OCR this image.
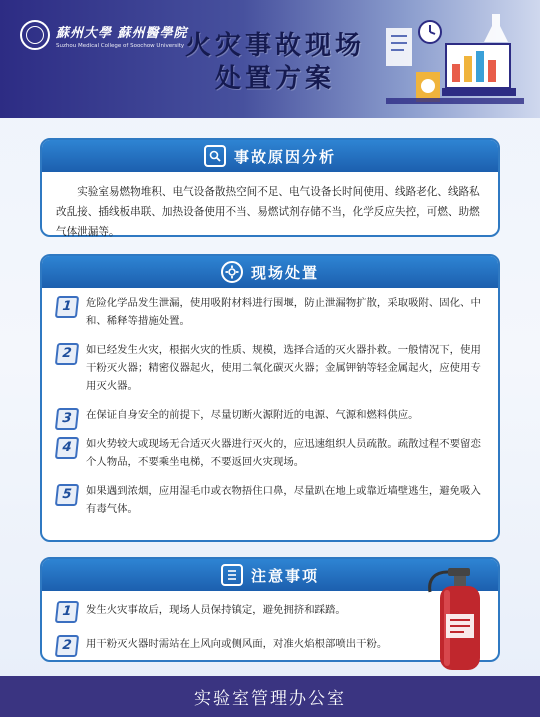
蘇州大學 蘇州醫學院
Suzhou Medical College of Soochow University 火灾事故现场
处置方案
事故原因分析
实验室易燃物堆积、电气设备散热空间不足、电气设备长时间使用、线路老化、线路私改乱接、插线板串联、加热设备使用不当、易燃试剂存储不当，化学反应失控，可燃、助燃气体泄漏等。
现场处置
1	危险化学品发生泄漏，使用吸附材料进行围堰，防止泄漏物扩散，采取吸附、固化、中和、稀释等措施处置。
2	如已经发生火灾，根据火灾的性质、规模，选择合适的灭火器扑救。一般情况下，使用干粉灭火器；精密仪器起火，使用二氧化碳灭火器；金属钾钠等轻金属起火，应使用专用灭火器。
3	在保证自身安全的前提下，尽量切断火源附近的电源、气源和燃料供应。
4	如火势较大或现场无合适灭火器进行灭火的，应迅速组织人员疏散。疏散过程不要留恋个人物品，不要乘坐电梯，不要返回火灾现场。
5	如果遇到浓烟，应用湿毛巾或衣物捂住口鼻，尽量趴在地上或靠近墙壁逃生，避免吸入有毒气体。
注意事项
1	发生火灾事故后，现场人员保持镇定，避免拥挤和踩踏。
2	用干粉灭火器时需站在上风向或侧风面，对准火焰根部喷出干粉。
实验室管理办公室
